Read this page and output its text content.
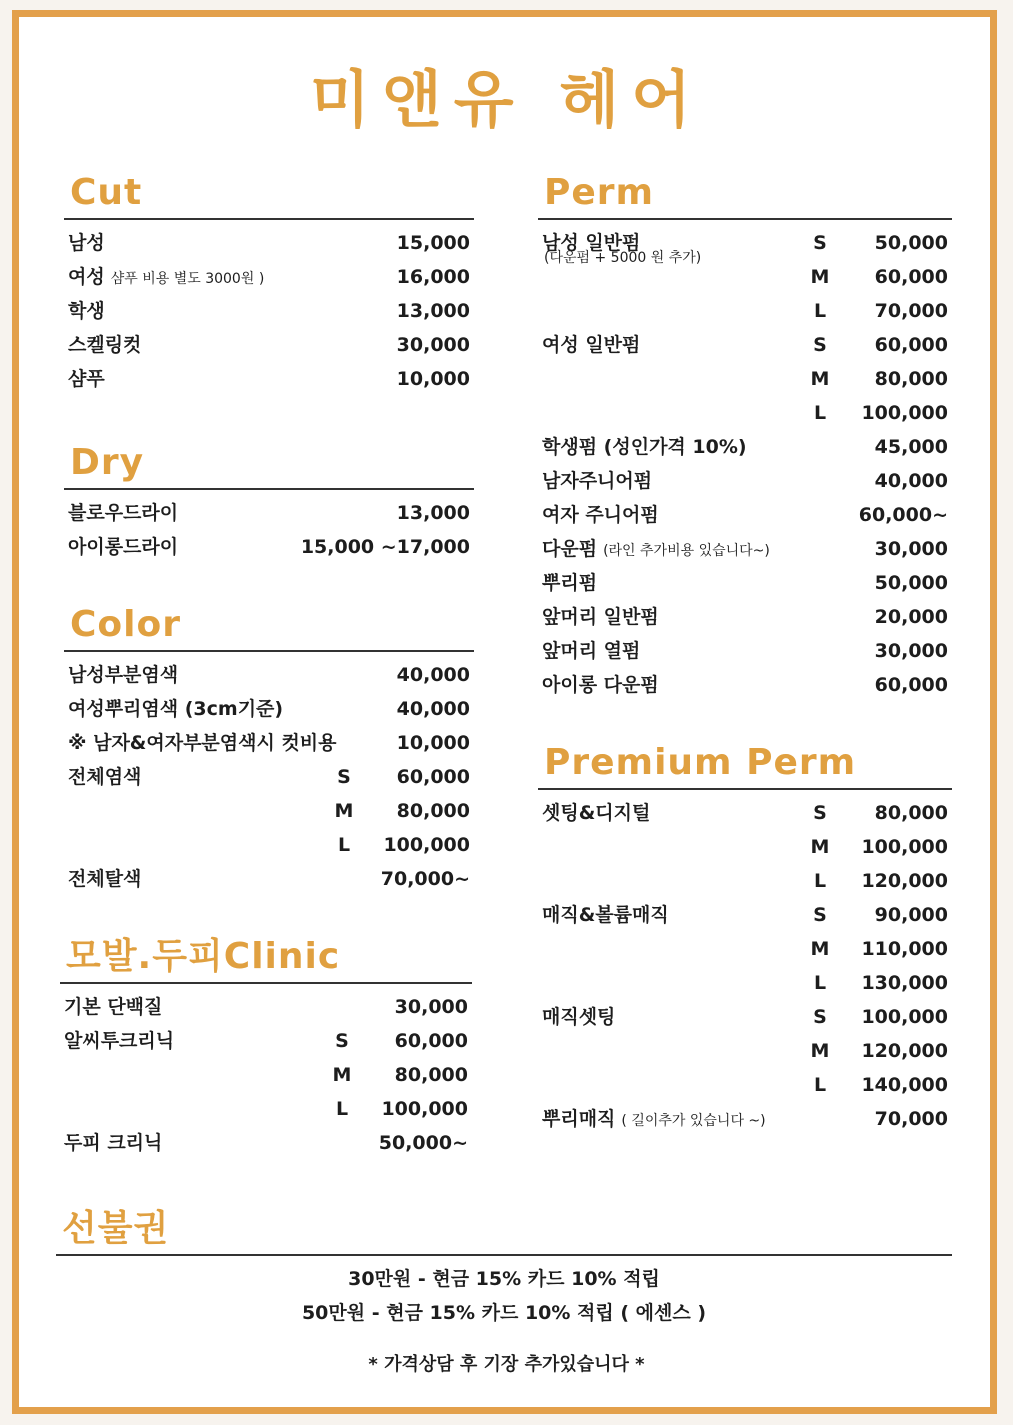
미앤유 헤어
Cut
남성	15,000
여성 샴푸 비용 별도 3000원 )	16,000
학생	13,000
스켈링컷	30,000
샴푸	10,000
Dry
블로우드라이	13,000
아이롱드라이	15,000 ~17,000
Color
남성부분염색	40,000
여성뿌리염색 (3cm기준)	40,000
※ 남자&여자부분염색시 컷비용	10,000
전체염색	S 60,000
M 80,000
L 100,000
전체탈색	70,000~
모발.두피Clinic
기본 단백질	30,000
알씨투크리닉	S 60,000
M 80,000
L 100,000
두피 크리닉	50,000~
Perm
남성 일반펌
(다운펌 + 5000 원 추가)
S	50,000
M 60,000
L	70,000
여성 일반펌	S	60,000
M 80,000
L 100,000
학생펌 (성인가격 10%)	45,000
남자주니어펌	40,000
여자 주니어펌	60,000~
다운펌 (라인 추가비용 있습니다~)	30,000
뿌리펌	50,000
앞머리 일반펌	20,000
앞머리 열펌	30,000
아이롱 다운펌	60,000
Premium Perm
셋팅&디지털	S	80,000
M 100,000
L 120,000
매직&볼륨매직	S	90,000
M 110,000
L 130,000
매직셋팅	S 100,000
M 120,000
L 140,000
뿌리매직 ( 길이추가 있습니다 ~)	70,000
선불권
30만원 - 현금 15% 카드 10% 적립
50만원 - 현금 15% 카드 10% 적립 ( 에센스 )
* 가격상담 후 기장 추가있습니다 *
